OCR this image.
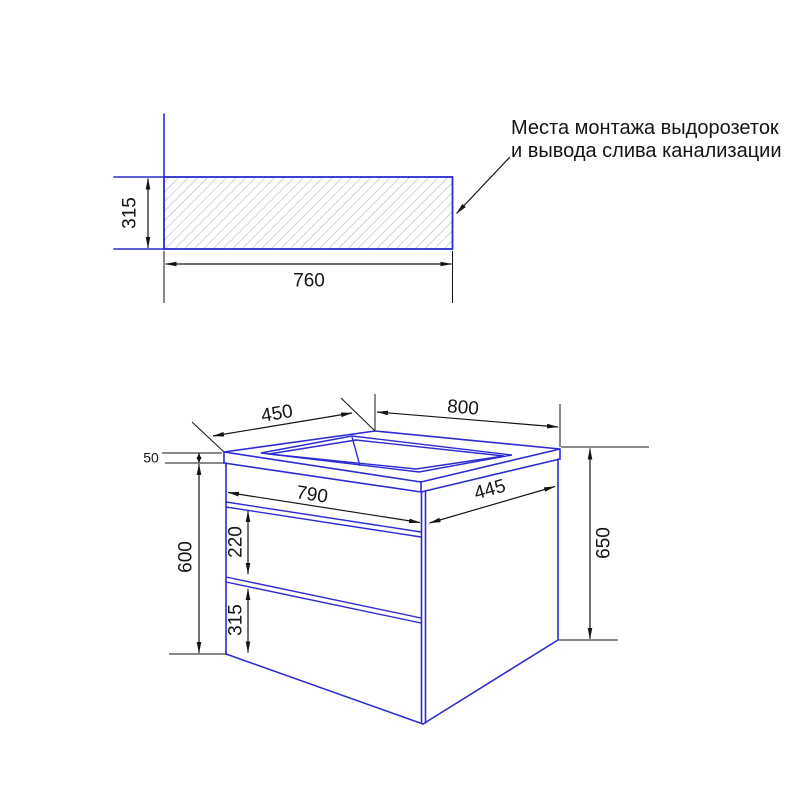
315
760
Места монтажа выдорозеток
и вывода слива канализации
450	800
50
790	445
600 220
315
650
